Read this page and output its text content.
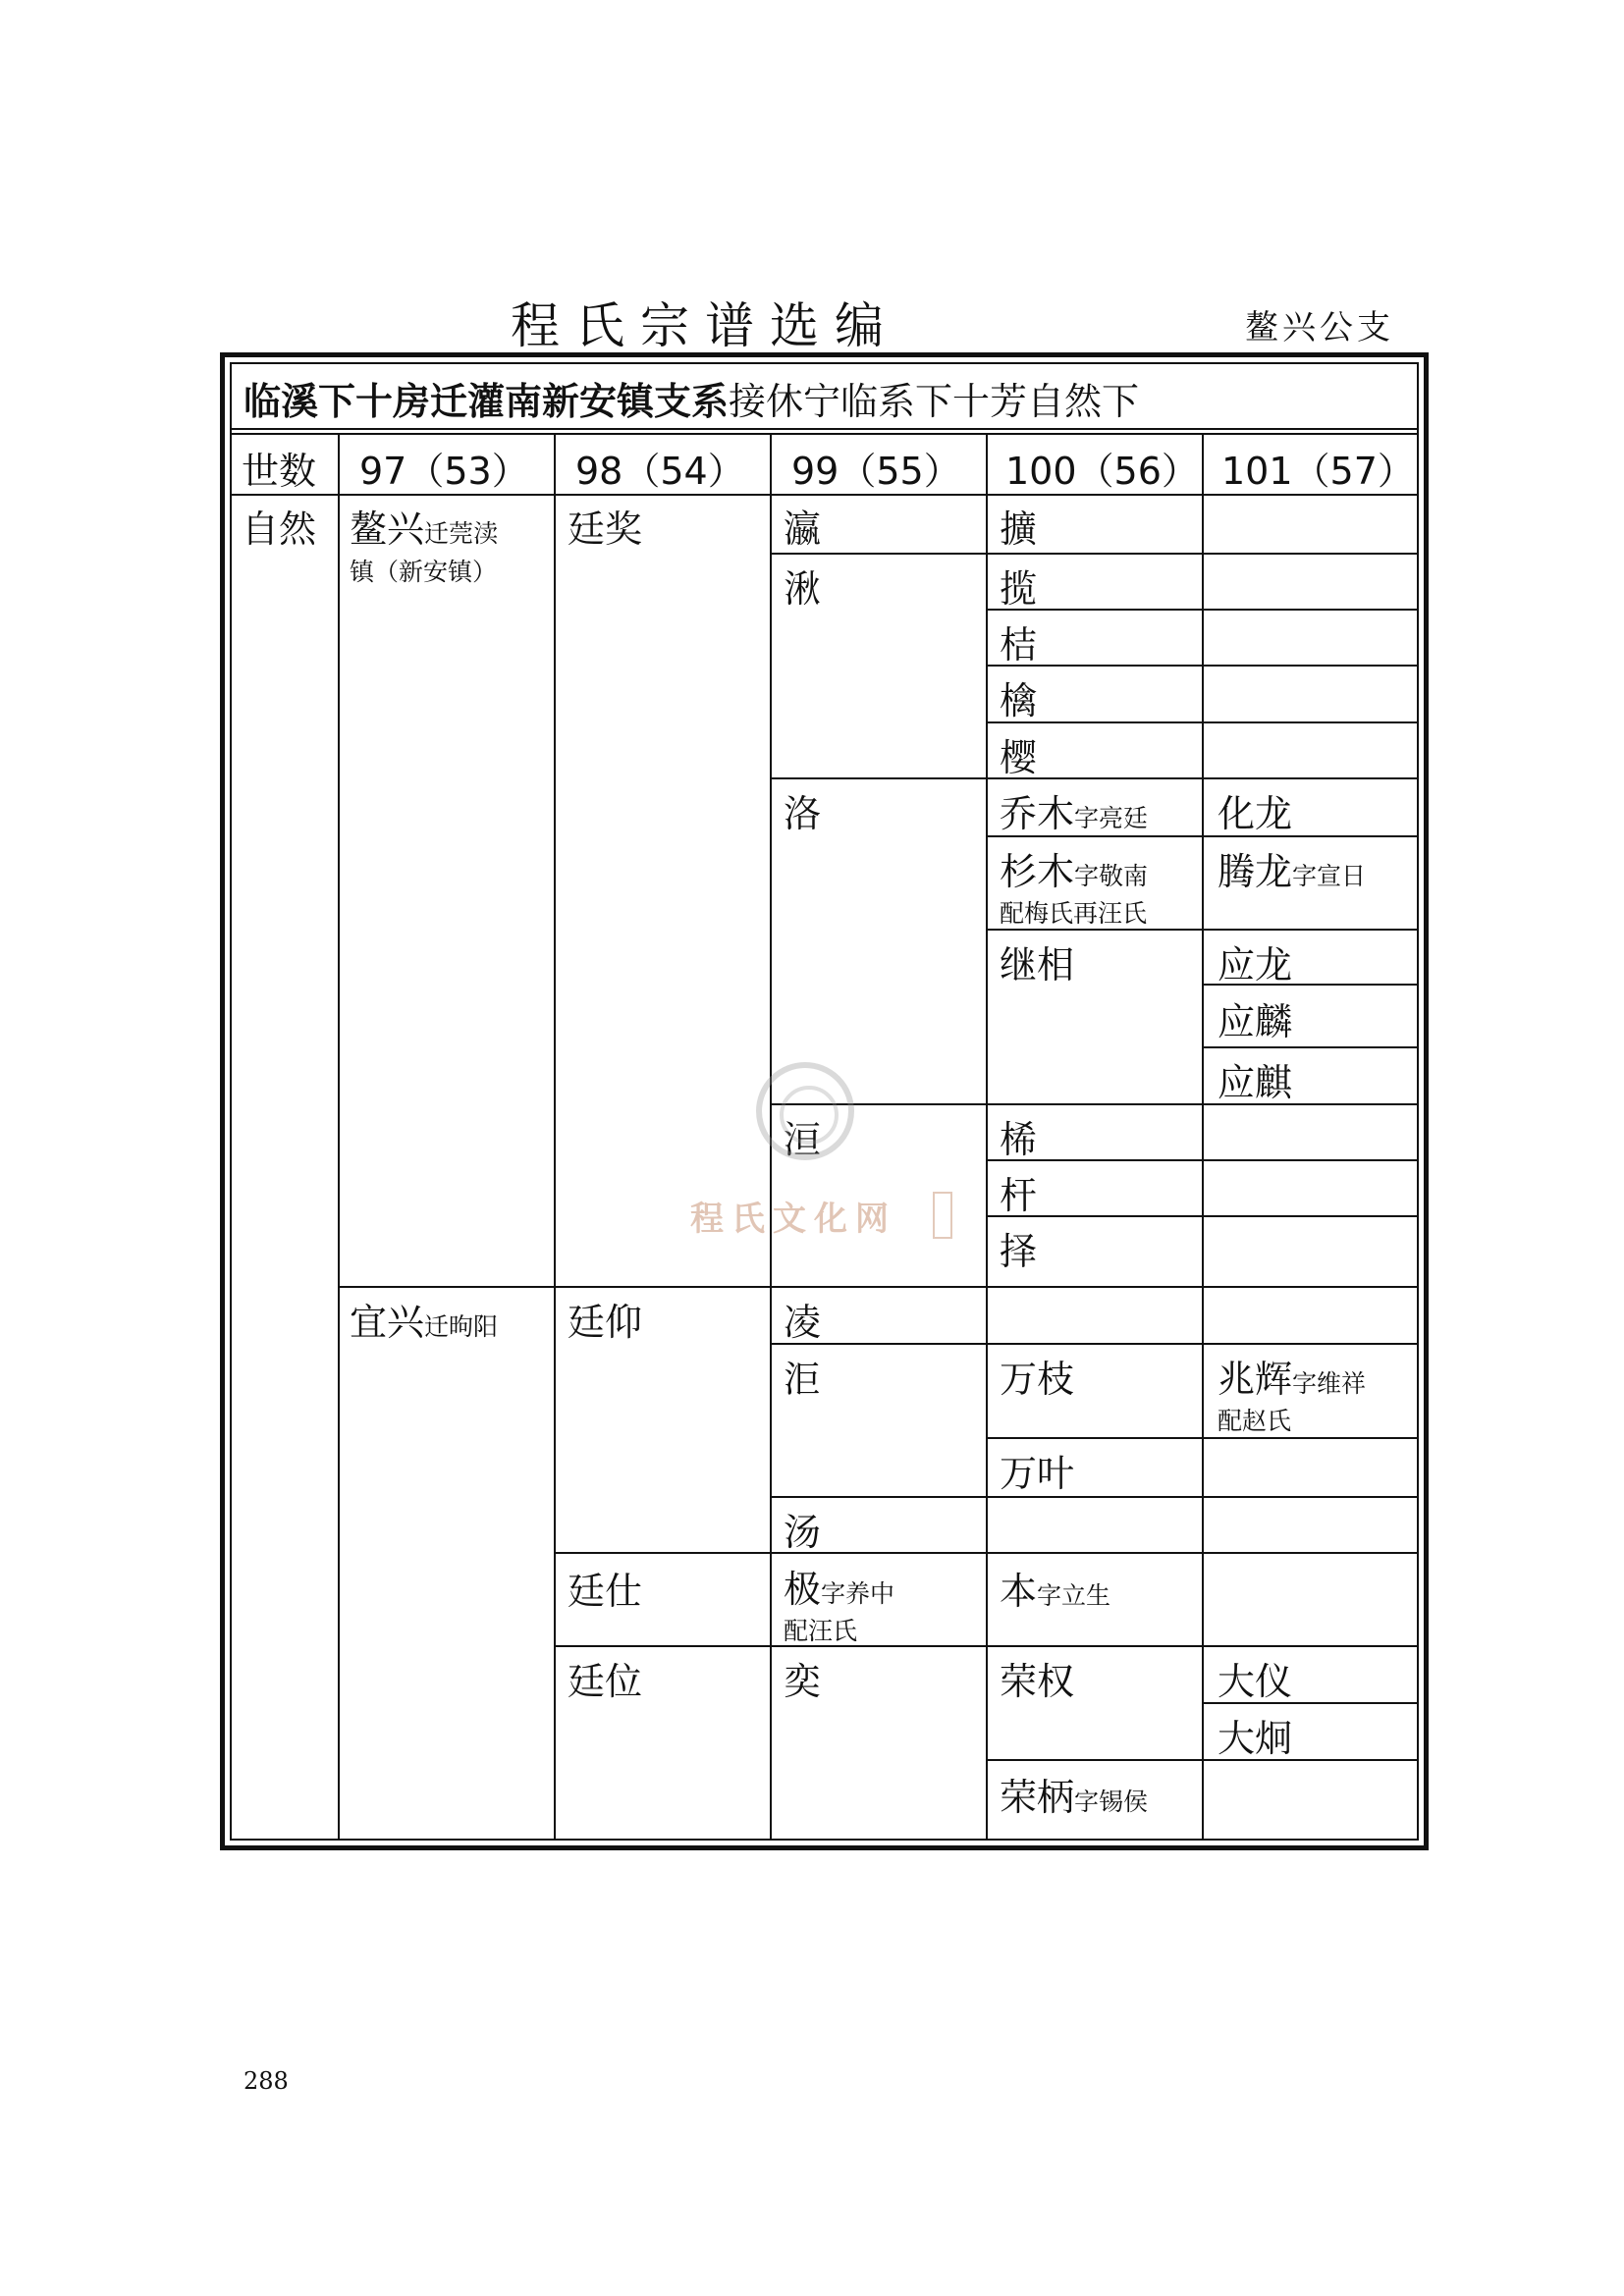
程氏宗谱选编	鳌兴公支
临溪下十房迁灌南新安镇支系接休宁临系下十芳自然下
世数 97（53） 98（54） 99（55） 100（56） 101（57）
自然 鳌兴迁莞渎
镇（新安镇）
宜兴迁昫阳
廷奖
廷仰
廷仕
廷位
瀛
湫
洛
洹
凌
洰
汤
极字养中
配汪氏
奕
擴
揽
桔
檎
樱
乔木字亮廷
杉木字敬南
配梅氏再汪氏
继相
桸
杆
择
万枝
万叶
本字立生
荣权
荣柄字锡侯
化龙
腾龙字宣日
应龙
应麟
应麒
兆辉字维祥
配赵氏
大仪
大炯
程氏文化网
288
